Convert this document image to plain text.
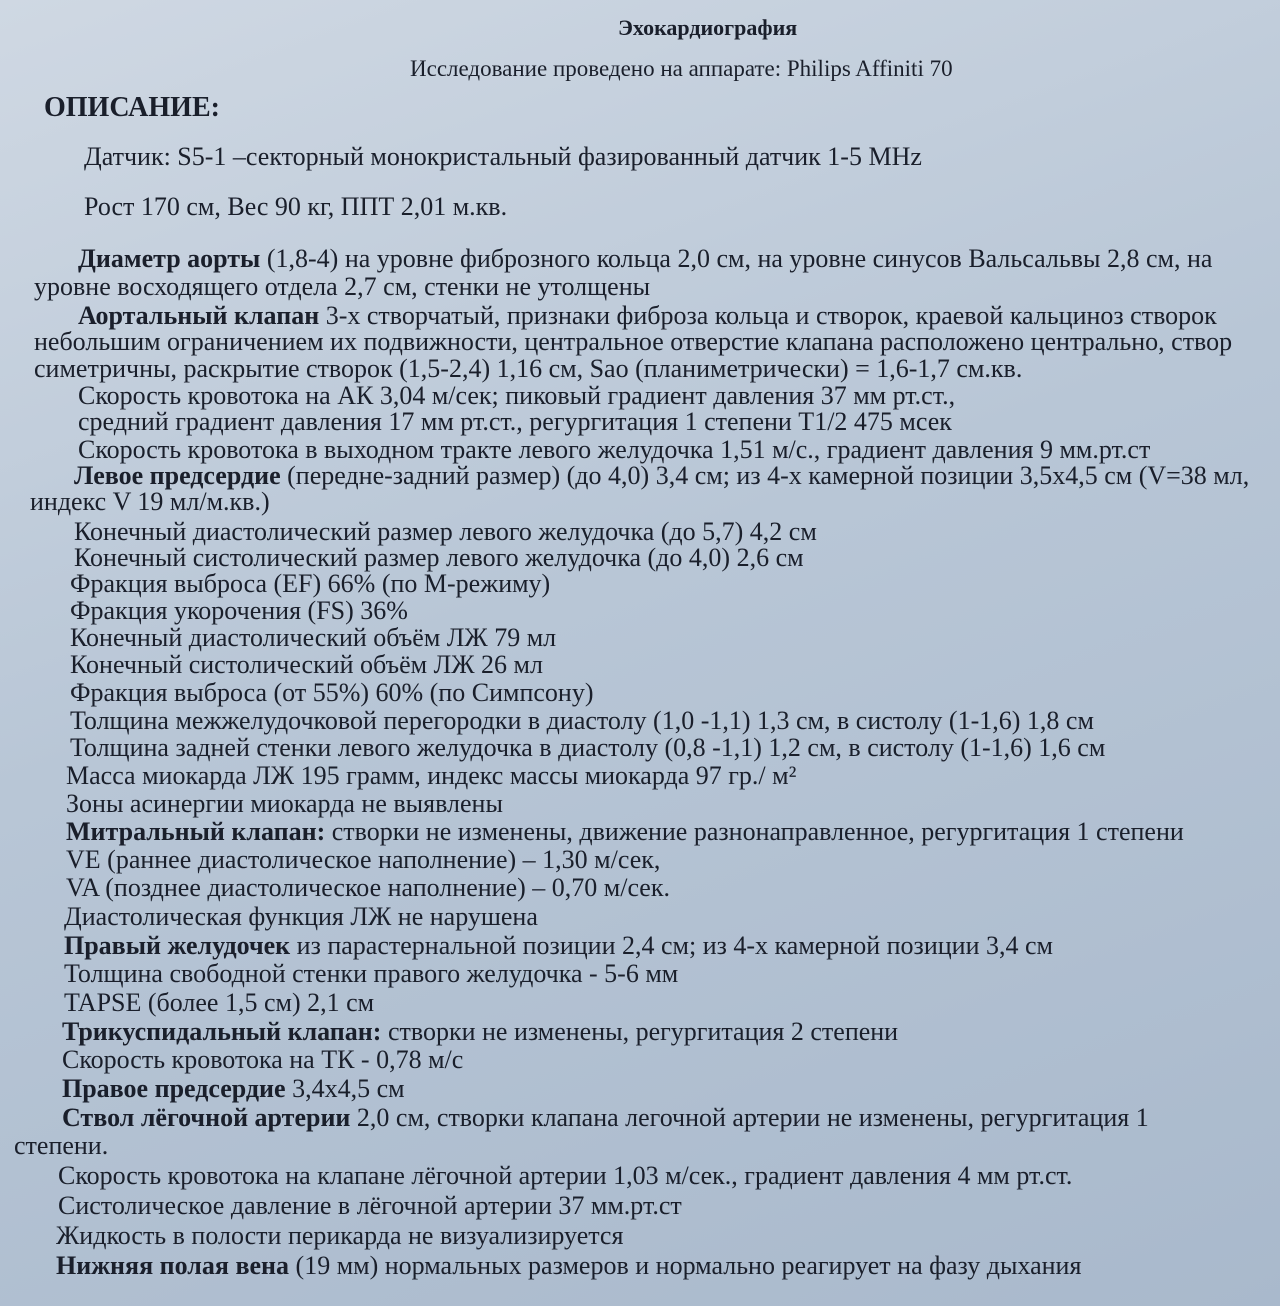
Эхокардиография
Исследование проведено на аппарате: Philips Affiniti 70
ОПИСАНИЕ:
Датчик: S5-1 –секторный монокристальный фазированный датчик 1-5 MHz
Рост 170 см, Вес 90 кг, ППТ 2,01 м.кв.
Диаметр аорты (1,8-4) на уровне фиброзного кольца 2,0 см, на уровне синусов Вальсальвы 2,8 см, на
уровне восходящего отдела 2,7 см, стенки не утолщены
Аортальный клапан 3-х створчатый, признаки фиброза кольца и створок, краевой кальциноз створок
небольшим ограничением их подвижности, центральное отверстие клапана расположено центрально, створ
симетричны, раскрытие створок (1,5-2,4) 1,16 см, Sao (планиметрически) = 1,6-1,7 см.кв.
Скорость кровотока на АК 3,04 м/сек; пиковый градиент давления 37 мм рт.ст.,
средний градиент давления 17 мм рт.ст., регургитация 1 степени T1/2 475 мсек
Скорость кровотока в выходном тракте левого желудочка 1,51 м/с., градиент давления 9 мм.рт.ст
Левое предсердие (передне-задний размер) (до 4,0) 3,4 см; из 4-х камерной позиции 3,5х4,5 см (V=38 мл,
индекс V 19 мл/м.кв.)
Конечный диастолический размер левого желудочка (до 5,7) 4,2 см
Конечный систолический размер левого желудочка (до 4,0) 2,6 см
Фракция выброса (EF) 66% (по М-режиму)
Фракция укорочения (FS) 36%
Конечный диастолический объём ЛЖ 79 мл
Конечный систолический объём ЛЖ 26 мл
Фракция выброса (от 55%) 60% (по Симпсону)
Толщина межжелудочковой перегородки в диастолу (1,0 -1,1) 1,3 см, в систолу (1-1,6) 1,8 см
Толщина задней стенки левого желудочка в диастолу (0,8 -1,1) 1,2 см, в систолу (1-1,6) 1,6 см
Масса миокарда ЛЖ 195 грамм, индекс массы миокарда 97 гр./ м²
Зоны асинергии миокарда не выявлены
Митральный клапан: створки не изменены, движение разнонаправленное, регургитация 1 степени
VE (раннее диастолическое наполнение) – 1,30 м/сек,
VA (позднее диастолическое наполнение) – 0,70 м/сек.
Диастолическая функция ЛЖ не нарушена
Правый желудочек из парастернальной позиции 2,4 см; из 4-х камерной позиции 3,4 см
Толщина свободной стенки правого желудочка - 5-6 мм
TAPSE (более 1,5 см) 2,1 см
Трикуспидальный клапан: створки не изменены, регургитация 2 степени
Скорость кровотока на ТК - 0,78 м/с
Правое предсердие 3,4х4,5 см
Ствол лёгочной артерии 2,0 см, створки клапана легочной артерии не изменены, регургитация 1
степени.
Скорость кровотока на клапане лёгочной артерии 1,03 м/сек., градиент давления 4 мм рт.ст.
Систолическое давление в лёгочной артерии 37 мм.рт.ст
Жидкость в полости перикарда не визуализируется
Нижняя полая вена (19 мм) нормальных размеров и нормально реагирует на фазу дыхания
